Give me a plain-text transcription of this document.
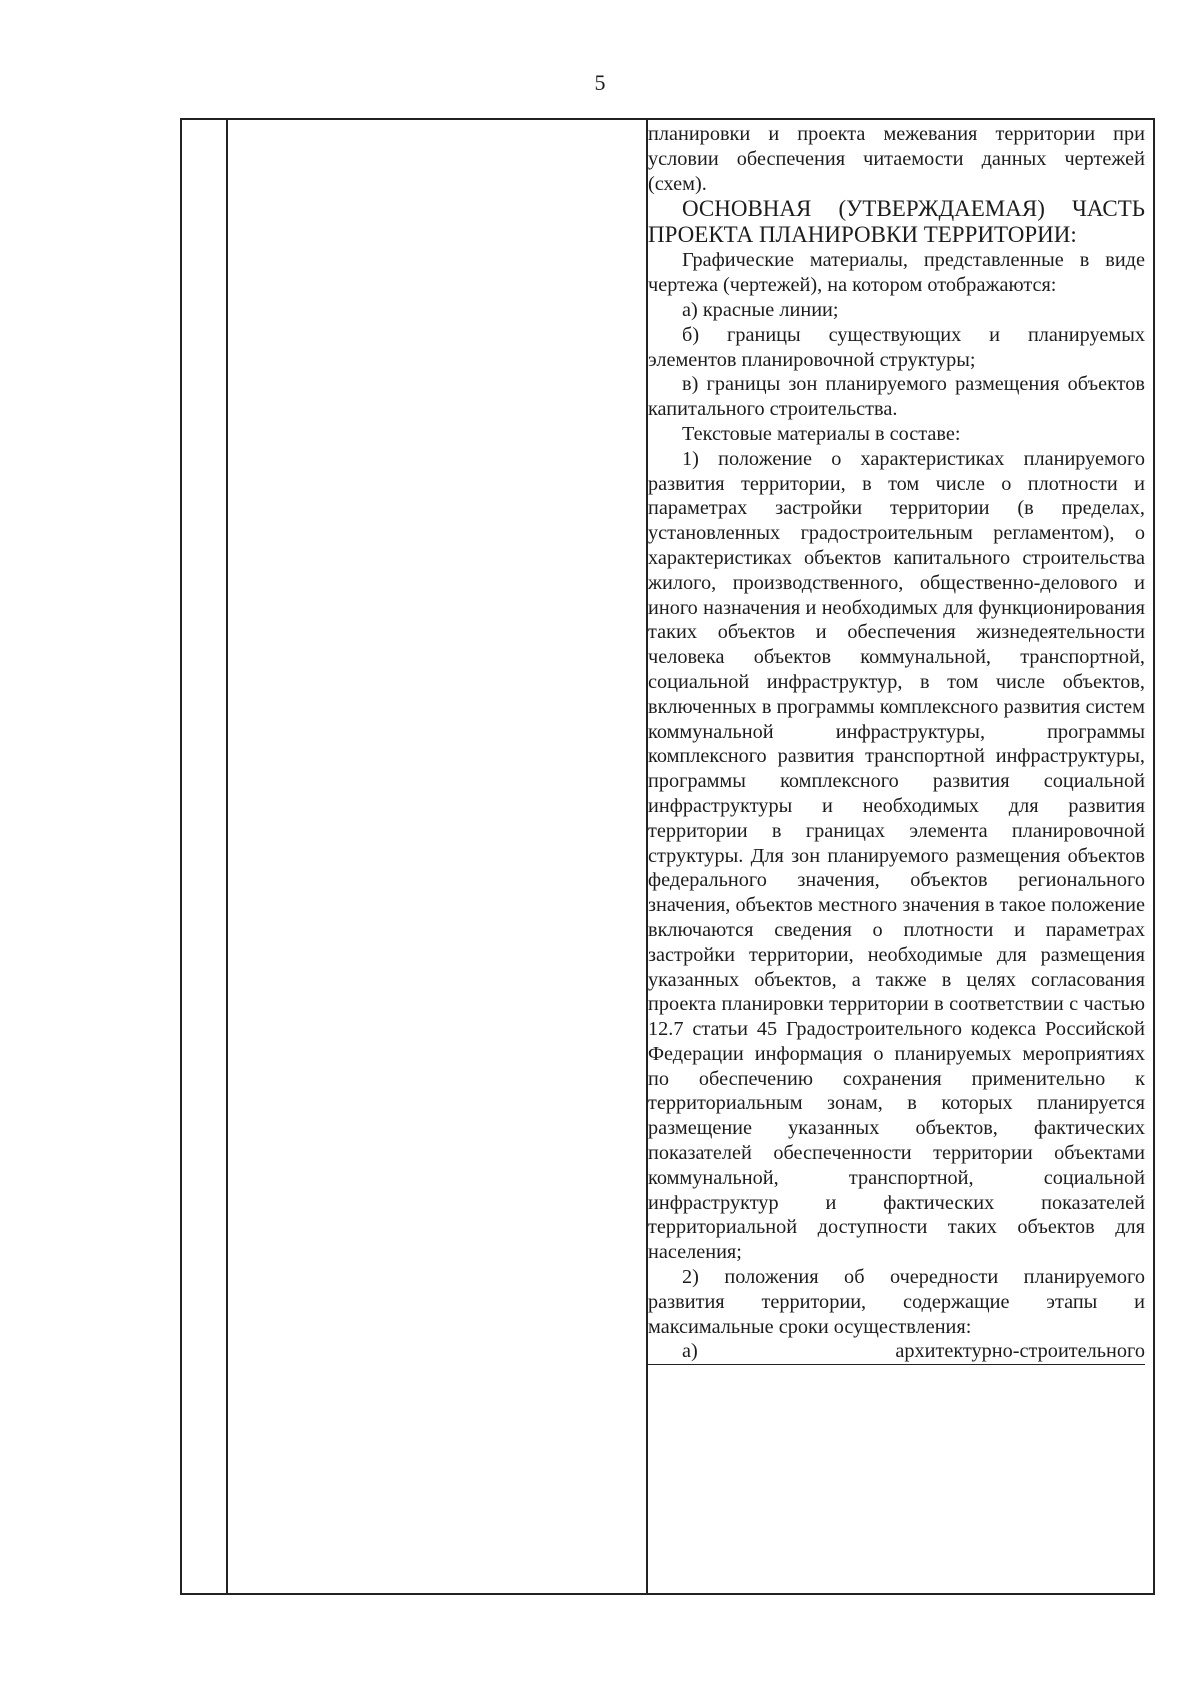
5

планировки и проекта межевания территории при условии обеспечения читаемости данных чертежей (схем).

ОСНОВНАЯ (УТВЕРЖДАЕМАЯ) ЧАСТЬ ПРОЕКТА ПЛАНИРОВКИ ТЕРРИТОРИИ:

Графические материалы, представленные в виде чертежа (чертежей), на котором отображаются:

а) красные линии;

б) границы существующих и планируемых элементов планировочной структуры;

в) границы зон планируемого размещения объектов капитального строительства.

Текстовые материалы в составе:

1) положение о характеристиках планируемого развития территории, в том числе о плотности и параметрах застройки территории (в пределах, установленных градостроительным регламентом), о характеристиках объектов капитального строительства жилого, производственного, общественно-делового и иного назначения и необходимых для функционирования таких объектов и обеспечения жизнедеятельности человека объектов коммунальной, транспортной, социальной инфраструктур, в том числе объектов, включенных в программы комплексного развития систем коммунальной инфраструктуры, программы комплексного развития транспортной инфраструктуры, программы комплексного развития социальной инфраструктуры и необходимых для развития территории в границах элемента планировочной структуры. Для зон планируемого размещения объектов федерального значения, объектов регионального значения, объектов местного значения в такое положение включаются сведения о плотности и параметрах застройки территории, необходимые для размещения указанных объектов, а также в целях согласования проекта планировки территории в соответствии с частью 12.7 статьи 45 Градостроительного кодекса Российской Федерации информация о планируемых мероприятиях по обеспечению сохранения применительно к территориальным зонам, в которых планируется размещение указанных объектов, фактических показателей обеспеченности территории объектами коммунальной, транспортной, социальной инфраструктур и фактических показателей территориальной доступности таких объектов для населения;

2) положения об очередности планируемого развития территории, содержащие этапы и максимальные сроки осуществления:

а) архитектурно-строительного
